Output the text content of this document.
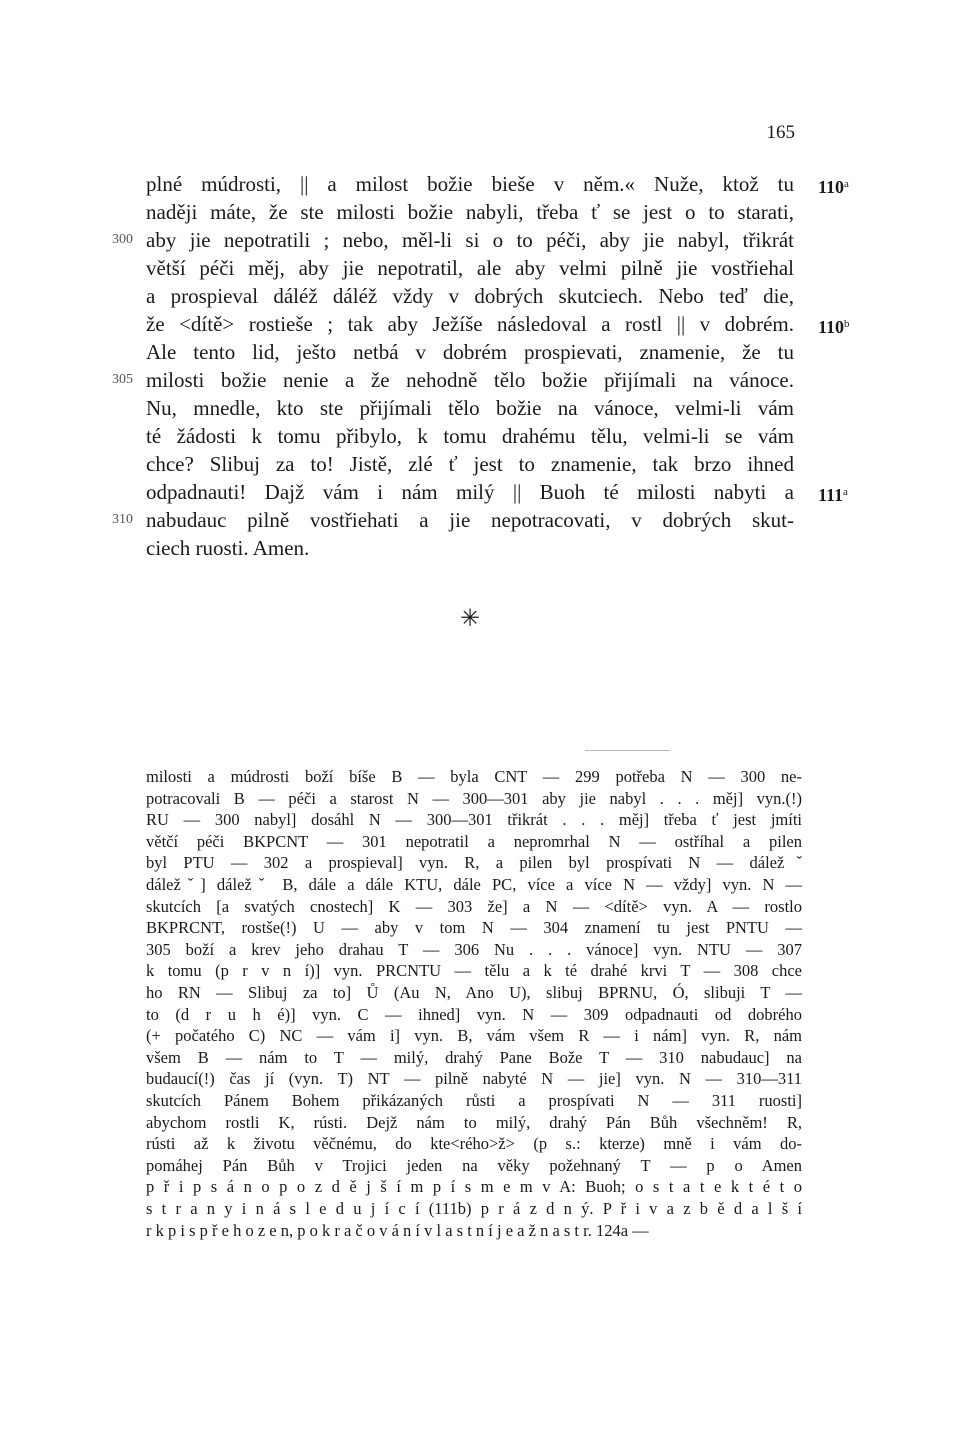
165
plné múdrosti, || a milost božie bieše v něm.« Nuže, ktož tu 110$^a$
naději máte, že ste milosti božie nabyli, třeba ť se jest o to starati,
aby jie nepotratili ; nebo, měl-li si o to péči, aby jie nabyl, třikrát
300
větší péči měj, aby jie nepotratil, ale aby velmi pilně jie vostřiehal
a prospieval dáléž dáléž vždy v dobrých skutciech. Nebo teď die,
že <dítě> rostieše ; tak aby Ježíše následoval a rostl || v dobrém. 110$^b$
Ale tento lid, ješto netbá v dobrém prospievati, znamenie, že tu
milosti božie nenie a že nehodně tělo božie přijímali na vánoce.
305
Nu, mnedle, kto ste přijímali tělo božie na vánoce, velmi-li vám
té žádosti k tomu přibylo, k tomu drahému tělu, velmi-li se vám
chce? Slibuj za to! Jistě, zlé ť jest to znamenie, tak brzo ihned
odpadnauti! Dajž vám i nám milý || Buoh té milosti nabyti a 111$^a$
nabudauc pilně vostřiehati a jie nepotracovati, v dobrých skut-
310
ciech ruosti. Amen.
✳
milosti a múdrosti boží bíše B — byla CNT — 299 potřeba N — 300 ne-
potracovali B — péči a starost N — 300—301 aby jie nabyl . . . měj] vyn.(!)
RU — 300 nabyl] dosáhl N — 300—301 třikrát . . . měj] třeba ť jest jmíti
větčí péči BKPCNT — 301 nepotratil a nepromrhal N — ostříhal a pilen
byl PTU — 302 a prospieval] vyn. R, a pilen byl prospívati N — dáležˇ
dáležˇ] dáležˇ B, dále a dále KTU, dále PC, více a více N — vždy] vyn. N —
skutcích [a svatých cnostech] K — 303 že] a N — <dítě> vyn. A — rostlo
BKPRCNT, rostše(!) U — aby v tom N — 304 znamení tu jest PNTU —
305 boží a krev jeho drahau T — 306 Nu . . . vánoce] vyn. NTU — 307
k tomu (p r v n í)] vyn. PRCNTU — tělu a k té drahé krvi T — 308 chce
ho RN — Slibuj za to] Ů (Au N, Ano U), slibuj BPRNU, Ó, slibuji T —
to (d r u h é)] vyn. C — ihned] vyn. N — 309 odpadnauti od dobrého
(+ počatého C) NC — vám i] vyn. B, vám všem R — i nám] vyn. R, nám
všem B — nám to T — milý, drahý Pane Bože T — 310 nabudauc] na
budaucí(!) čas jí (vyn. T) NT — pilně nabyté N — jie] vyn. N — 310—311
skutcích Pánem Bohem přikázaných růsti a prospívati N — 311 ruosti]
abychom rostli K, rústi. Dejž nám to milý, drahý Pán Bůh všechněm! R,
rústi až k životu věčnému, do kte<rého>ž> (p s.: kterze) mně i vám do-
pomáhej Pán Bůh v Trojici jeden na věky požehnaný T — p o Amen
p ř i p s á n o p o z d ě j š í m p í s m e m v A: Buoh; o s t a t e k t é t o
s t r a n y i n á s l e d u j í c í (111b) p r á z d n ý. P ř i v a z b ě d a l š í
r k p i s p ř e h o z e n, p o k r a č o v á n í v l a s t n í j e a ž n a s t r. 124a —
